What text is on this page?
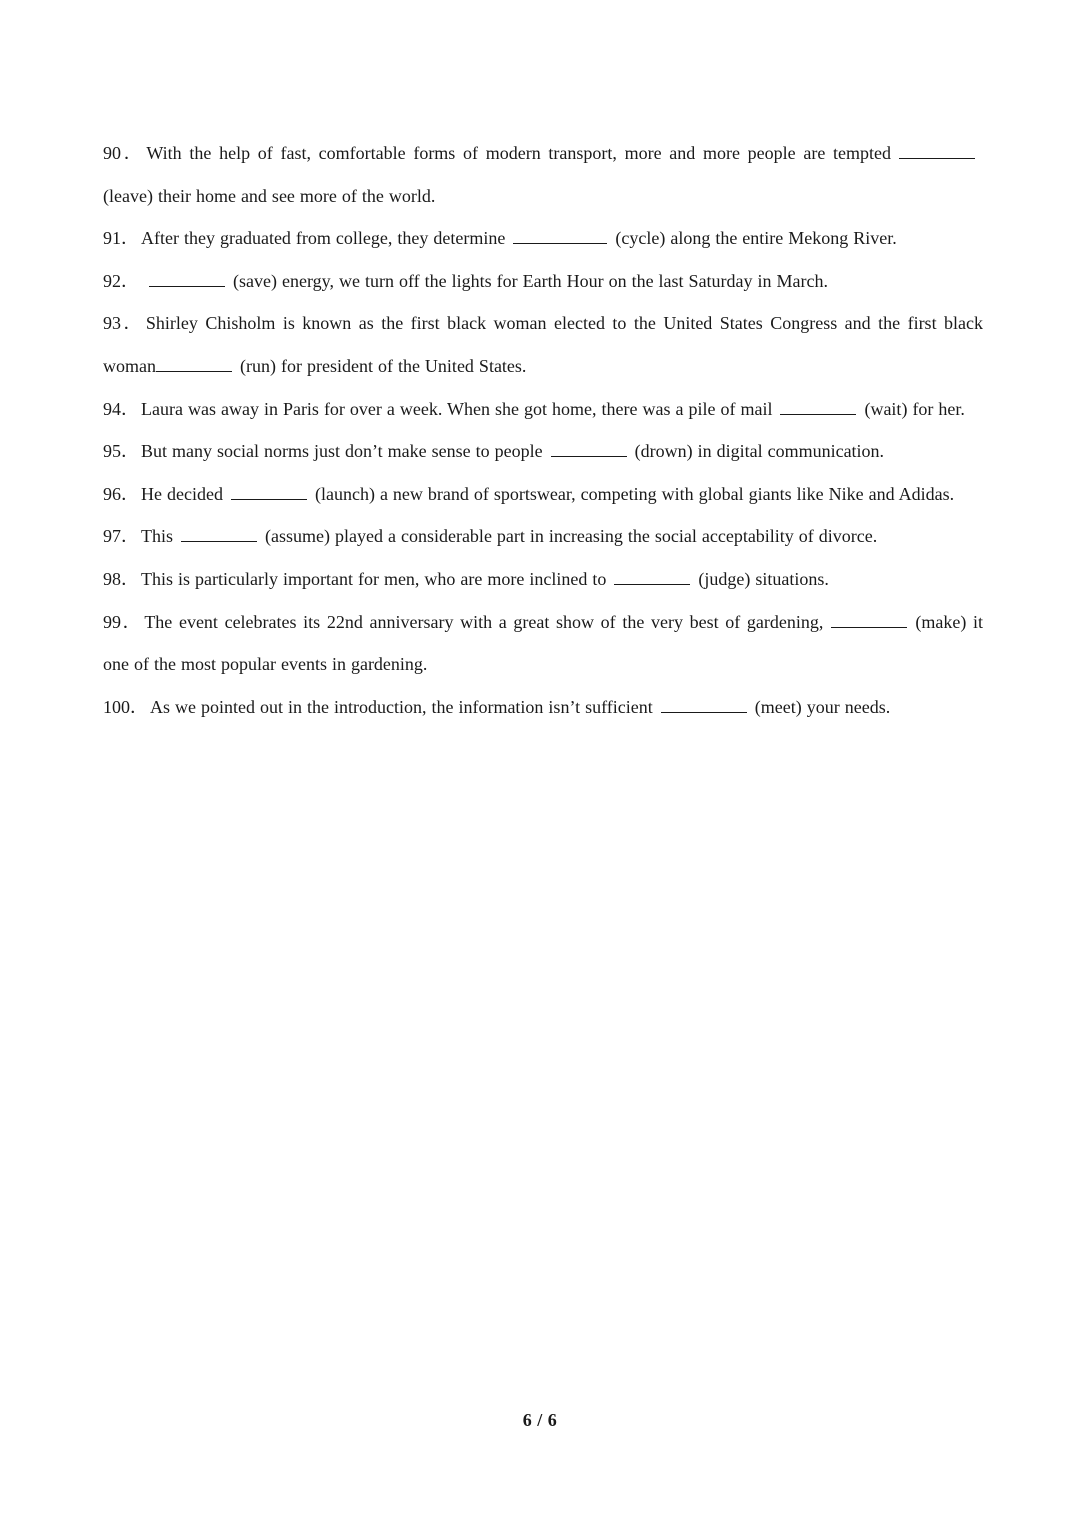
90 ． With the help of fast, comfortable forms of modern transport, more and more people are tempted(leave) their home and see more of the world.
91 ． After they graduated from college, they determine	(cycle) along the entire Mekong River.
92 ．	(save) energy, we turn off the lights for Earth Hour on the last Saturday in March.
93 ． Shirley Chisholm is known as the first black woman elected to the United States Congress and the first black woman	(run) for president of the United States.
94 ． Laura was away in Paris for over a week. When she got home, there was a pile of mail	(wait) for her.
95 ． But many social norms just don’t make sense to people	(drown) in digital communication.
96 ． He decided	(launch) a new brand of sportswear, competing with global giants like Nike and Adidas.
97 ． This	(assume) played a considerable part in increasing the social acceptability of divorce.
98 ． This is particularly important for men, who are more inclined to	(judge) situations.
99 ． The event celebrates its 22nd anniversary with a great show of the very best of gardening,	(make) it one of the most popular events in gardening.
100 ． As we pointed out in the introduction, the information isn’t sufficient	(meet) your needs.
6 / 6
